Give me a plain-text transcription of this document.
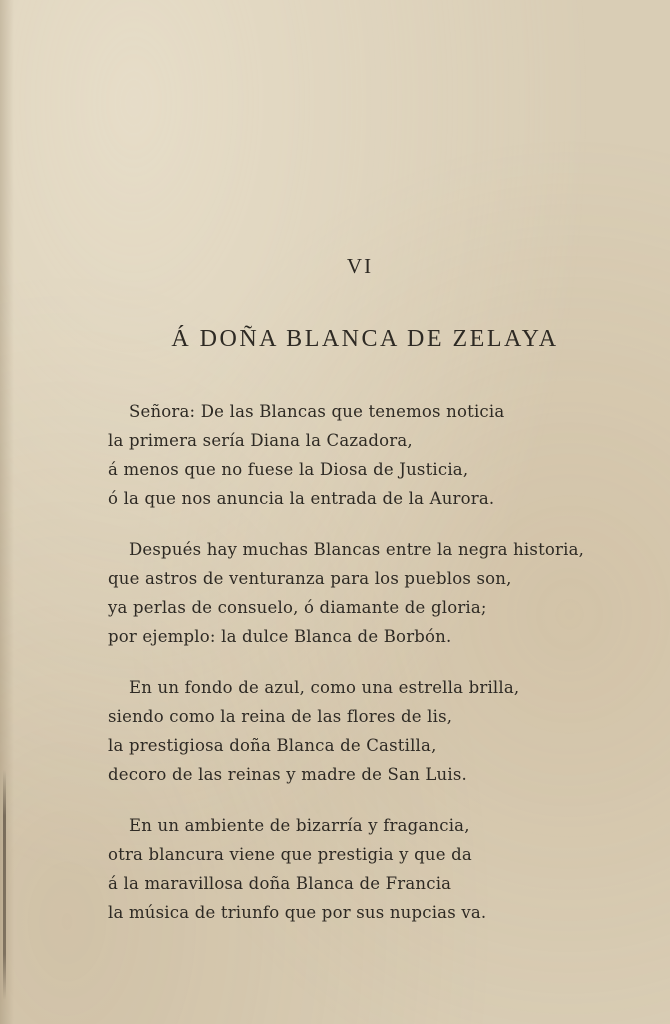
VI
Á DOÑA BLANCA DE ZELAYA
Señora: De las Blancas que tenemos noticia
la primera sería Diana la Cazadora,
á menos que no fuese la Diosa de Justicia,
ó la que nos anuncia la entrada de la Aurora.
Después hay muchas Blancas entre la negra historia,
que astros de venturanza para los pueblos son,
ya perlas de consuelo, ó diamante de gloria;
por ejemplo: la dulce Blanca de Borbón.
En un fondo de azul, como una estrella brilla,
siendo como la reina de las flores de lis,
la prestigiosa doña Blanca de Castilla,
decoro de las reinas y madre de San Luis.
En un ambiente de bizarría y fragancia,
otra blancura viene que prestigia y que da
á la maravillosa doña Blanca de Francia
la música de triunfo que por sus nupcias va.
